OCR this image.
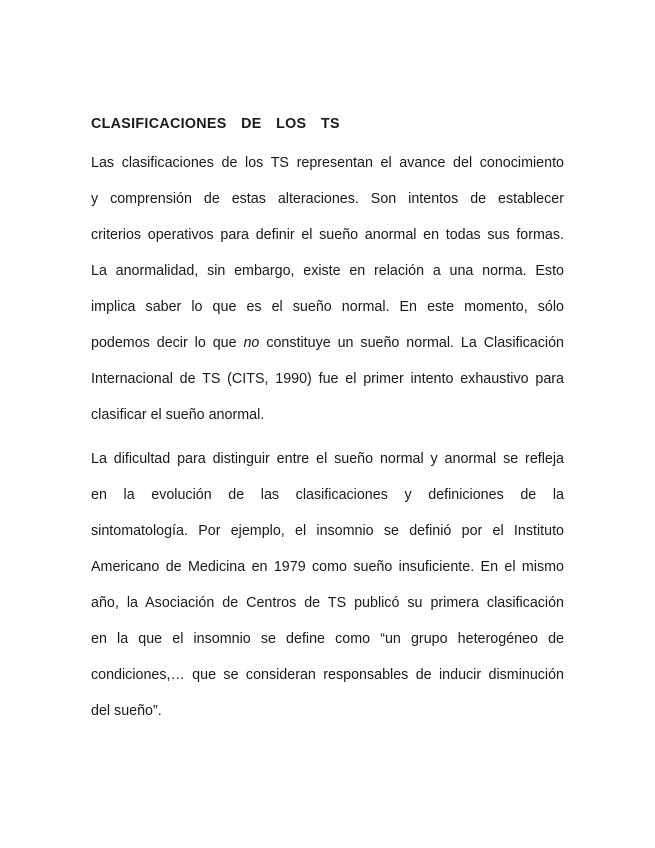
CLASIFICACIONES  DE  LOS  TS

Las clasificaciones de los TS representan el avance del conocimiento

y comprensión de estas alteraciones. Son intentos de establecer

criterios operativos para definir el sueño anormal en todas sus formas.

La anormalidad, sin embargo, existe en relación a una norma. Esto

implica saber lo que es el sueño normal. En este momento, sólo

podemos decir lo que no constituye un sueño normal. La Clasificación

Internacional de TS (CITS, 1990) fue el primer intento exhaustivo para

clasificar el sueño anormal.

La dificultad para distinguir entre el sueño normal y anormal se refleja

en la evolución de las clasificaciones y definiciones de la

sintomatología. Por ejemplo, el insomnio se definió por el Instituto

Americano de Medicina en 1979 como sueño insuficiente. En el mismo

año, la Asociación de Centros de TS publicó su primera clasificación

en la que el insomnio se define como “un grupo heterogéneo de

condiciones,… que se consideran responsables de inducir disminución

del sueño”.
